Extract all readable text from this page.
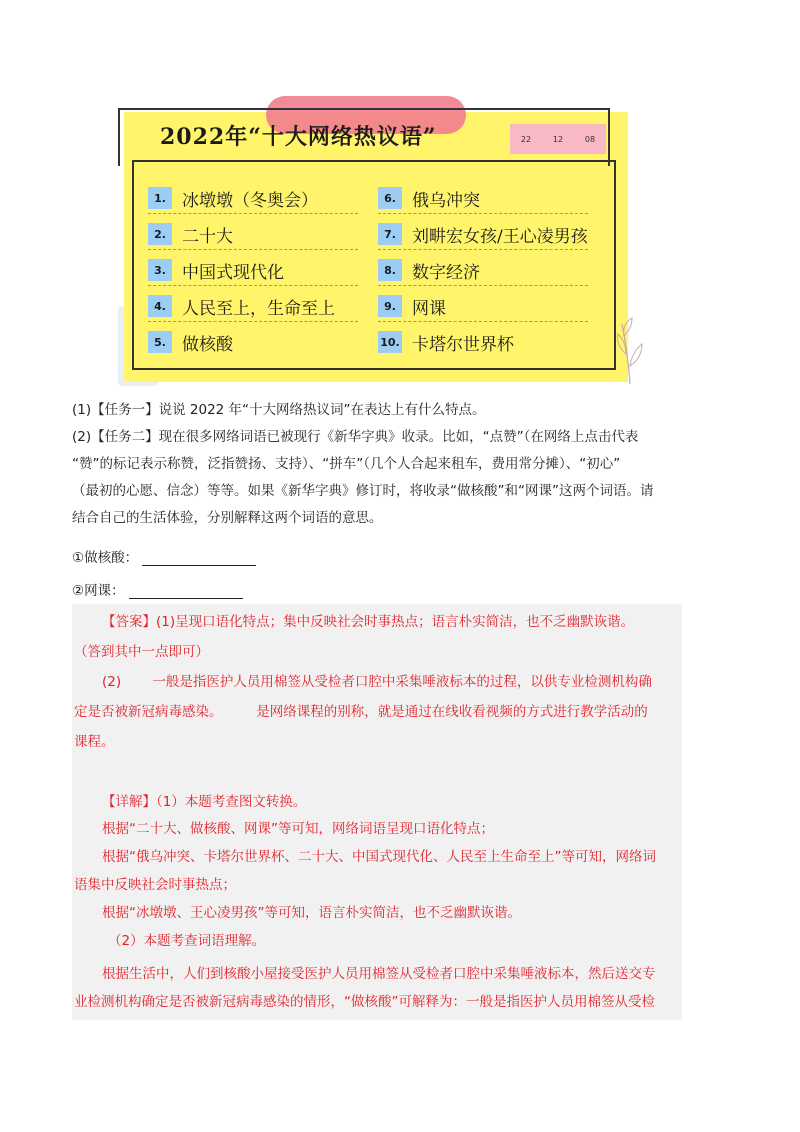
2022年“十大网络热议语”	22	12	08
1. 冰墩墩（冬奥会）
2. 二十大
3. 中国式现代化
4. 人民至上，生命至上
5. 做核酸
6. 俄乌冲突
7. 刘畊宏女孩/王心凌男孩
8. 数字经济
9. 网课
10. 卡塔尔世界杯
(1)【任务一】说说 2022 年“十大网络热议词”在表达上有什么特点。
(2)【任务二】现在很多网络词语已被现行《新华字典》收录。比如，“点赞”（在网络上点击代表
“赞”的标记表示称赞，泛指赞扬、支持）、“拼车”（几个人合起来租车，费用常分摊）、“初心”
（最初的心愿、信念）等等。如果《新华字典》修订时，将收录“做核酸”和“网课”这两个词语。请
结合自己的生活体验，分别解释这两个词语的意思。
①做核酸：
②网课：
【答案】(1)呈现口语化特点；集中反映社会时事热点；语言朴实简洁，也不乏幽默诙谐。
（答到其中一点即可）
(2)　　 一般是指医护人员用棉签从受检者口腔中采集唾液标本的过程，以供专业检测机构确
定是否被新冠病毒感染。　　　是网络课程的别称，就是通过在线收看视频的方式进行教学活动的
课程。
【详解】（1）本题考查图文转换。
根据“二十大、做核酸、网课”等可知，网络词语呈现口语化特点；
根据“俄乌冲突、卡塔尔世界杯、二十大、中国式现代化、人民至上生命至上”等可知，网络词
语集中反映社会时事热点；
根据“冰墩墩、王心凌男孩”等可知，语言朴实简洁，也不乏幽默诙谐。
（2）本题考查词语理解。
根据生活中，人们到核酸小屋接受医护人员用棉签从受检者口腔中采集唾液标本，然后送交专
业检测机构确定是否被新冠病毒感染的情形，“做核酸”可解释为：一般是指医护人员用棉签从受检
